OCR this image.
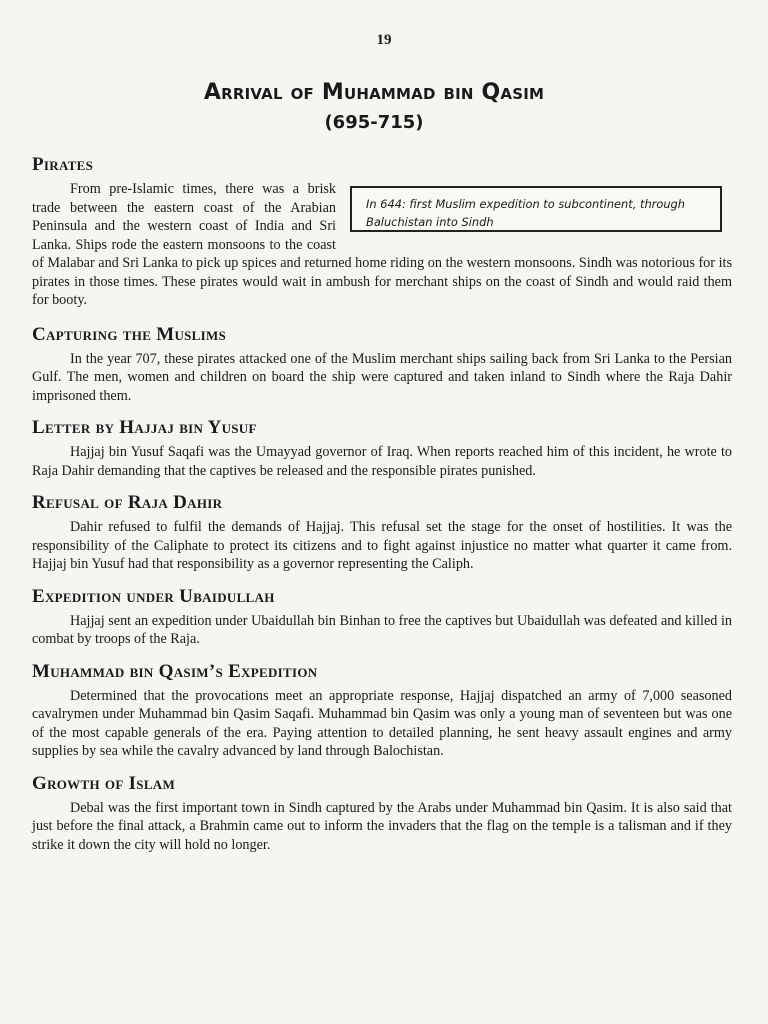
19
Arrival of Muhammad bin Qasim
(695-715)
Pirates
In 644: first Muslim expedition to subcontinent, through Baluchistan into Sindh

From pre-Islamic times, there was a brisk trade between the eastern coast of the Arabian Peninsula and the western coast of India and Sri Lanka. Ships rode the eastern monsoons to the coast of Malabar and Sri Lanka to pick up spices and returned home riding on the western monsoons. Sindh was notorious for its pirates in those times. These pirates would wait in ambush for merchant ships on the coast of Sindh and would raid them for booty.

Capturing the Muslims

In the year 707, these pirates attacked one of the Muslim merchant ships sailing back from Sri Lanka to the Persian Gulf. The men, women and children on board the ship were captured and taken inland to Sindh where the Raja Dahir imprisoned them.

Letter by Hajjaj bin Yusuf

Hajjaj bin Yusuf Saqafi was the Umayyad governor of Iraq. When reports reached him of this incident, he wrote to Raja Dahir demanding that the captives be released and the responsible pirates punished.

Refusal of Raja Dahir

Dahir refused to fulfil the demands of Hajjaj. This refusal set the stage for the onset of hostilities. It was the responsibility of the Caliphate to protect its citizens and to fight against injustice no matter what quarter it came from. Hajjaj bin Yusuf had that responsibility as a governor representing the Caliph.

Expedition under Ubaidullah

Hajjaj sent an expedition under Ubaidullah bin Binhan to free the captives but Ubaidullah was defeated and killed in combat by troops of the Raja.

Muhammad bin Qasim’s Expedition

Determined that the provocations meet an appropriate response, Hajjaj dispatched an army of 7,000 seasoned cavalrymen under Muhammad bin Qasim Saqafi. Muhammad bin Qasim was only a young man of seventeen but was one of the most capable generals of the era. Paying attention to detailed planning, he sent heavy assault engines and army supplies by sea while the cavalry advanced by land through Balochistan.

Growth of Islam

Debal was the first important town in Sindh captured by the Arabs under Muhammad bin Qasim. It is also said that just before the final attack, a Brahmin came out to inform the invaders that the flag on the temple is a talisman and if they strike it down the city will hold no longer.
